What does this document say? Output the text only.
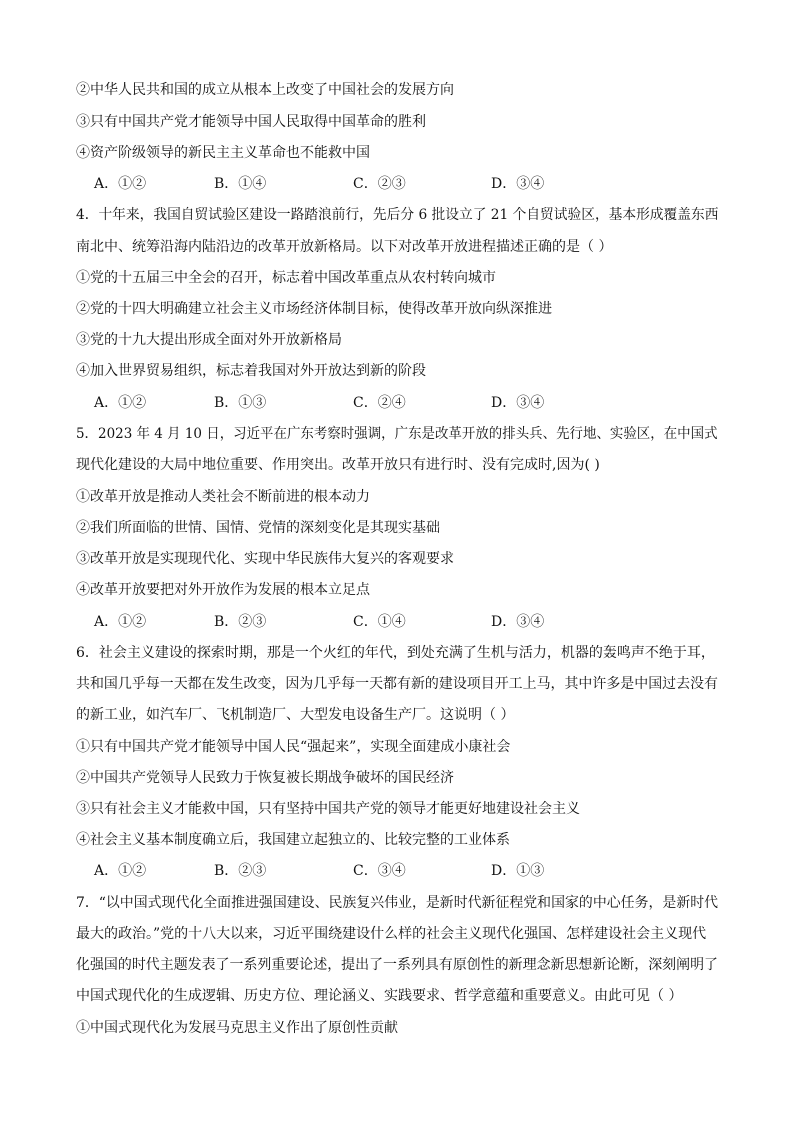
②中华人民共和国的成立从根本上改变了中国社会的发展方向
③只有中国共产党才能领导中国人民取得中国革命的胜利
④资产阶级领导的新民主主义革命也不能救中国
A．①②	B．①④	C．②③	D．③④
4．十年来，我国自贸试验区建设一路踏浪前行，先后分 6 批设立了 21 个自贸试验区，基本形成覆盖东西
南北中、统筹沿海内陆沿边的改革开放新格局。以下对改革开放进程描述正确的是（ ）
①党的十五届三中全会的召开，标志着中国改革重点从农村转向城市
②党的十四大明确建立社会主义市场经济体制目标，使得改革开放向纵深推进
③党的十九大提出形成全面对外开放新格局
④加入世界贸易组织，标志着我国对外开放达到新的阶段
A．①②	B．①③	C．②④	D．③④
5．2023 年 4 月 10 日，习近平在广东考察时强调，广东是改革开放的排头兵、先行地、实验区，在中国式
现代化建设的大局中地位重要、作用突出。改革开放只有进行时、没有完成时,因为( )
①改革开放是推动人类社会不断前进的根本动力
②我们所面临的世情、国情、党情的深刻变化是其现实基础
③改革开放是实现现代化、实现中华民族伟大复兴的客观要求
④改革开放要把对外开放作为发展的根本立足点
A．①②	B．②③	C．①④	D．③④
6．社会主义建设的探索时期，那是一个火红的年代，到处充满了生机与活力，机器的轰鸣声不绝于耳，
共和国几乎每一天都在发生改变，因为几乎每一天都有新的建设项目开工上马，其中许多是中国过去没有
的新工业，如汽车厂、飞机制造厂、大型发电设备生产厂。这说明（ ）
①只有中国共产党才能领导中国人民“强起来”，实现全面建成小康社会
②中国共产党领导人民致力于恢复被长期战争破坏的国民经济
③只有社会主义才能救中国，只有坚持中国共产党的领导才能更好地建设社会主义
④社会主义基本制度确立后，我国建立起独立的、比较完整的工业体系
A．①②	B．②③	C．③④	D．①③
7．“以中国式现代化全面推进强国建设、民族复兴伟业，是新时代新征程党和国家的中心任务，是新时代
最大的政治。”党的十八大以来，习近平围绕建设什么样的社会主义现代化强国、怎样建设社会主义现代
化强国的时代主题发表了一系列重要论述，提出了一系列具有原创性的新理念新思想新论断，深刻阐明了
中国式现代化的生成逻辑、历史方位、理论涵义、实践要求、哲学意蕴和重要意义。由此可见（ ）
①中国式现代化为发展马克思主义作出了原创性贡献
